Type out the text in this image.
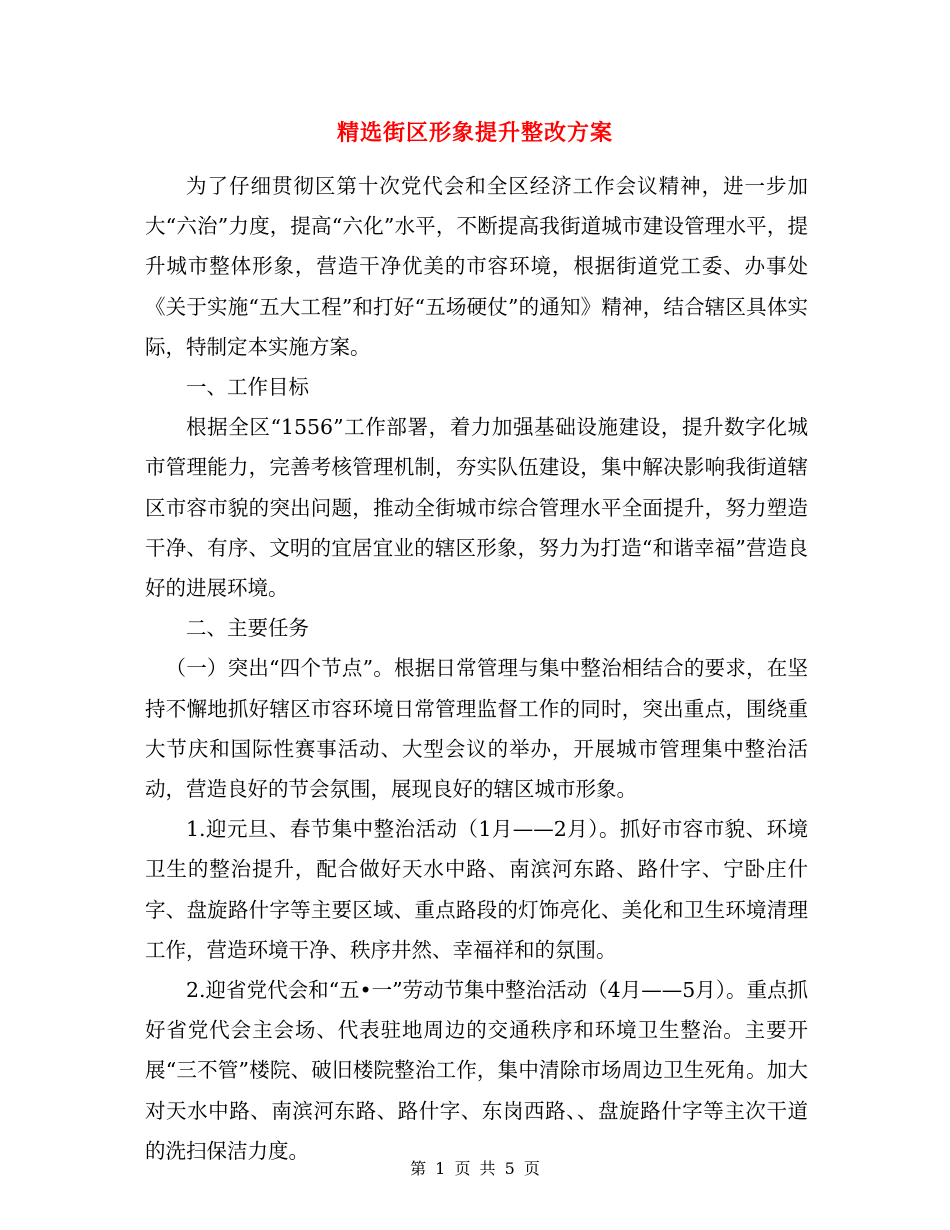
精选街区形象提升整改方案

为了仔细贯彻区第十次党代会和全区经济工作会议精神，进一步加大“六治”力度，提高“六化”水平，不断提高我街道城市建设管理水平，提升城市整体形象，营造干净优美的市容环境，根据街道党工委、办事处《关于实施“五大工程”和打好“五场硬仗”的通知》精神，结合辖区具体实际，特制定本实施方案。

一、工作目标

根据全区“1556”工作部署，着力加强基础设施建设，提升数字化城市管理能力，完善考核管理机制，夯实队伍建设，集中解决影响我街道辖区市容市貌的突出问题，推动全街城市综合管理水平全面提升，努力塑造干净、有序、文明的宜居宜业的辖区形象，努力为打造“和谐幸福”营造良好的进展环境。

二、主要任务

（一）突出“四个节点”。根据日常管理与集中整治相结合的要求，在坚持不懈地抓好辖区市容环境日常管理监督工作的同时，突出重点，围绕重大节庆和国际性赛事活动、大型会议的举办，开展城市管理集中整治活动，营造良好的节会氛围，展现良好的辖区城市形象。

1.迎元旦、春节集中整治活动（1月——2月）。抓好市容市貌、环境卫生的整治提升，配合做好天水中路、南滨河东路、路什字、宁卧庄什字、盘旋路什字等主要区域、重点路段的灯饰亮化、美化和卫生环境清理工作，营造环境干净、秩序井然、幸福祥和的氛围。

2.迎省党代会和“五•一”劳动节集中整治活动（4月——5月）。重点抓好省党代会主会场、代表驻地周边的交通秩序和环境卫生整治。主要开展“三不管”楼院、破旧楼院整治工作，集中清除市场周边卫生死角。加大对天水中路、南滨河东路、路什字、东岗西路、、盘旋路什字等主次干道的洗扫保洁力度。

第 1 页 共 5 页
